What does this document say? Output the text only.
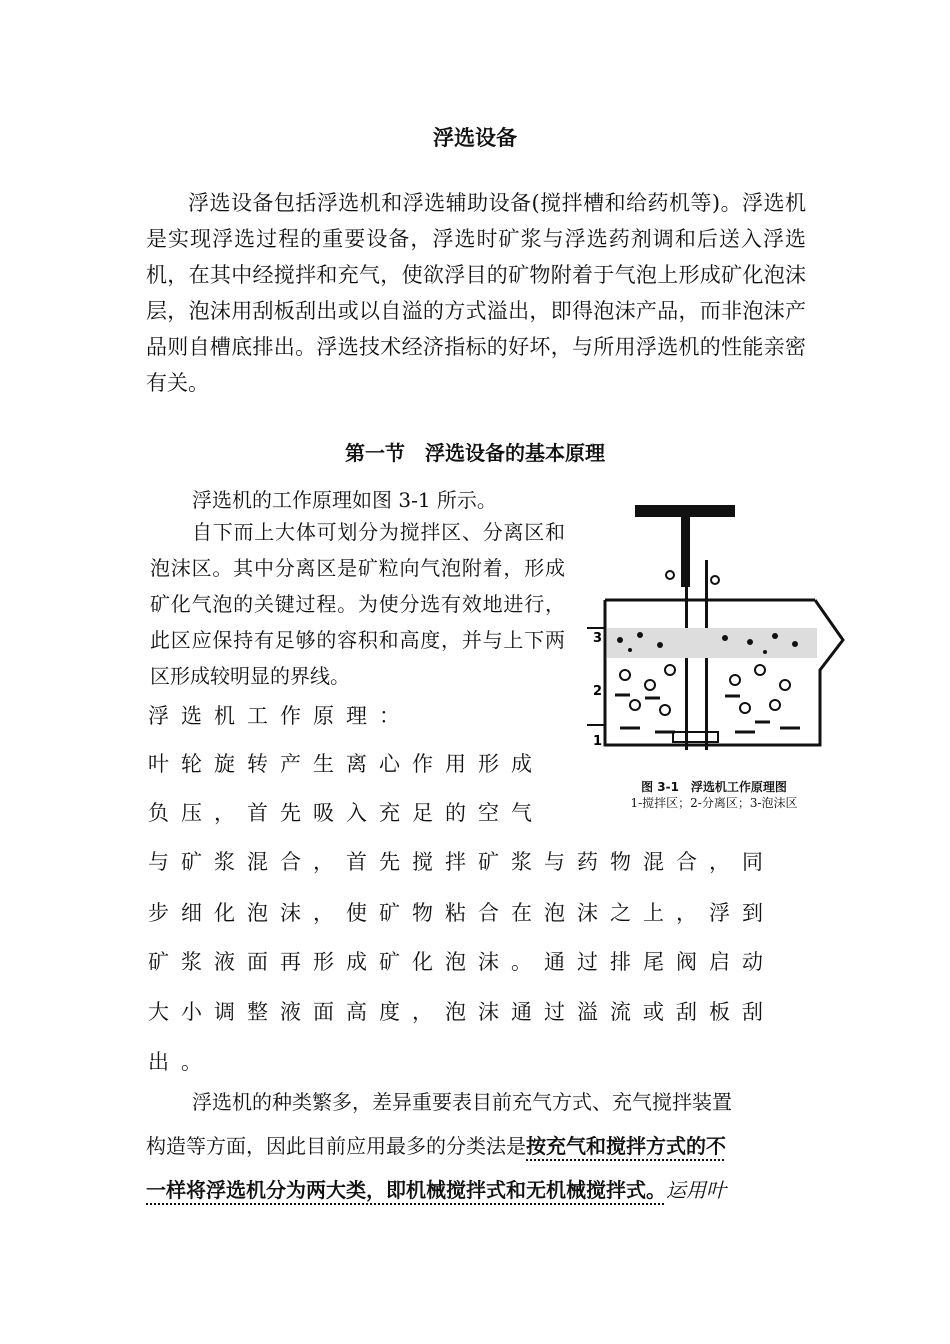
浮选设备
浮选设备包括浮选机和浮选辅助设备(搅拌槽和给药机等)。浮选机是实现浮选过程的重要设备，浮选时矿浆与浮选药剂调和后送入浮选机，在其中经搅拌和充气，使欲浮目的矿物附着于气泡上形成矿化泡沫层，泡沫用刮板刮出或以自溢的方式溢出，即得泡沫产品，而非泡沫产品则自槽底排出。浮选技术经济指标的好坏，与所用浮选机的性能亲密有关。
第一节　浮选设备的基本原理
浮选机的工作原理如图 3-1 所示。
自下而上大体可划分为搅拌区、分离区和泡沫区。其中分离区是矿粒向气泡附着，形成矿化气泡的关键过程。为使分选有效地进行，此区应保持有足够的容积和高度，并与上下两区形成较明显的界线。
浮选机工作原理：
叶轮旋转产生离心作用形成
负压，首先吸入充足的空气
与矿浆混合，首先搅拌矿浆与药物混合，同
步细化泡沫，使矿物粘合在泡沫之上，浮到
矿浆液面再形成矿化泡沫。通过排尾阀启动
大小调整液面高度，泡沫通过溢流或刮板刮
出。
3
2
1
图 3-1　浮选机工作原理图
1-搅拌区；2-分离区；3-泡沫区
浮选机的种类繁多，差异重要表目前充气方式、充气搅拌装置
构造等方面，因此目前应用最多的分类法是按充气和搅拌方式的不
一样将浮选机分为两大类，即机械搅拌式和无机械搅拌式。运用叶
